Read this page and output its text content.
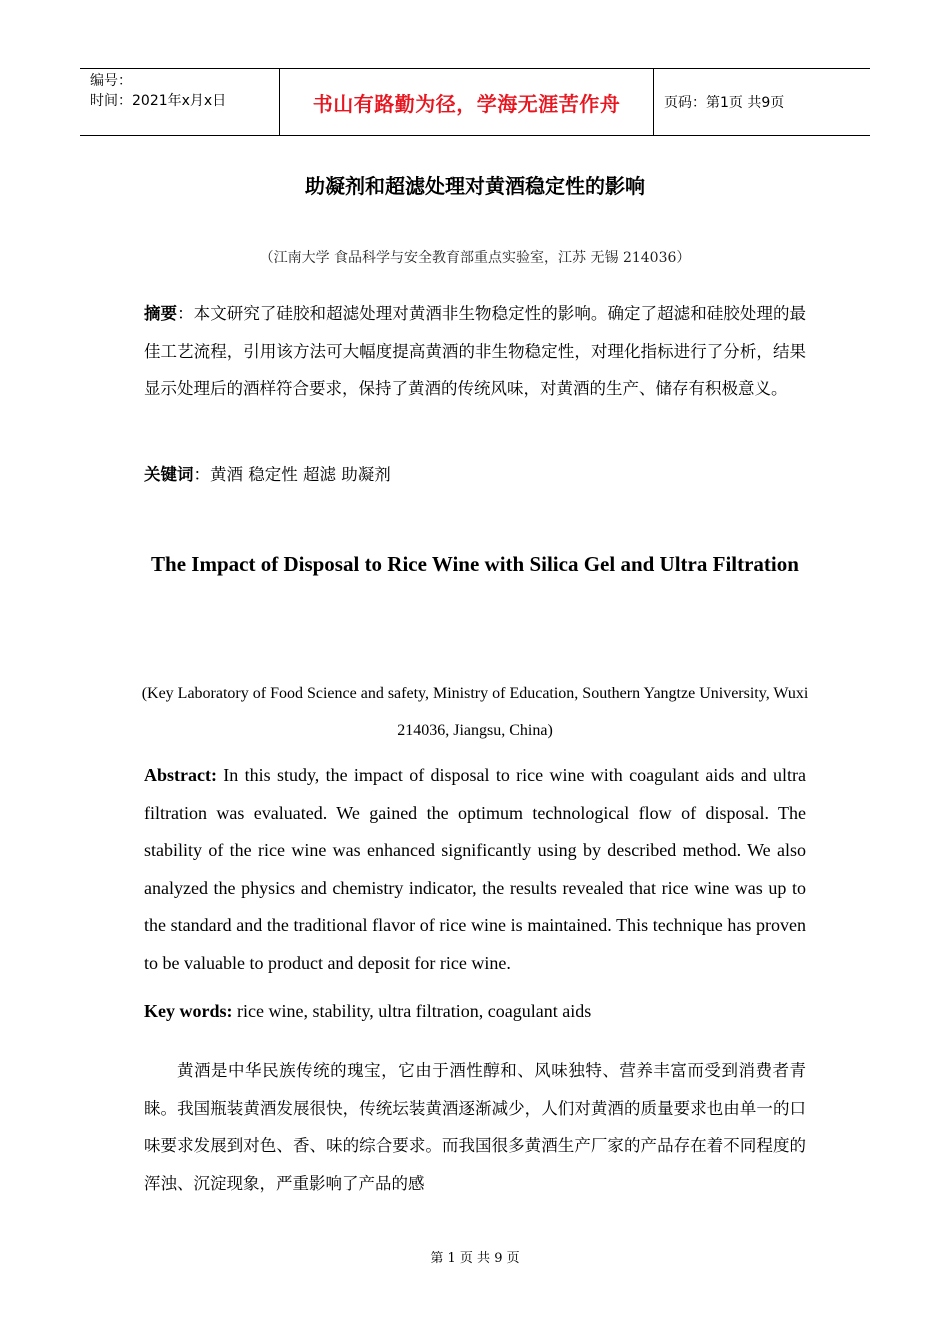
编号：
时间：2021年x月x日	书山有路勤为径，学海无涯苦作舟	页码：第1页 共9页
助凝剂和超滤处理对黄酒稳定性的影响
（江南大学 食品科学与安全教育部重点实验室，江苏 无锡 214036）
摘要：本文研究了硅胶和超滤处理对黄酒非生物稳定性的影响。确定了超滤和硅胶处理的最佳工艺流程，引用该方法可大幅度提高黄酒的非生物稳定性，对理化指标进行了分析，结果显示处理后的酒样符合要求，保持了黄酒的传统风味，对黄酒的生产、储存有积极意义。
关键词：黄酒 稳定性 超滤 助凝剂
The Impact of Disposal to Rice Wine with Silica Gel and Ultra Filtration
(Key Laboratory of Food Science and safety, Ministry of Education, Southern Yangtze University, Wuxi 214036, Jiangsu, China)
Abstract: In this study, the impact of disposal to rice wine with coagulant aids and ultra filtration was evaluated. We gained the optimum technological flow of disposal. The stability of the rice wine was enhanced significantly using by described method. We also analyzed the physics and chemistry indicator, the results revealed that rice wine was up to the standard and the traditional flavor of rice wine is maintained. This technique has proven to be valuable to product and deposit for rice wine.
Key words: rice wine, stability, ultra filtration, coagulant aids
黄酒是中华民族传统的瑰宝，它由于酒性醇和、风味独特、营养丰富而受到消费者青睐。我国瓶装黄酒发展很快，传统坛装黄酒逐渐减少，人们对黄酒的质量要求也由单一的口味要求发展到对色、香、味的综合要求。而我国很多黄酒生产厂家的产品存在着不同程度的浑浊、沉淀现象，严重影响了产品的感
第 1 页 共 9 页
